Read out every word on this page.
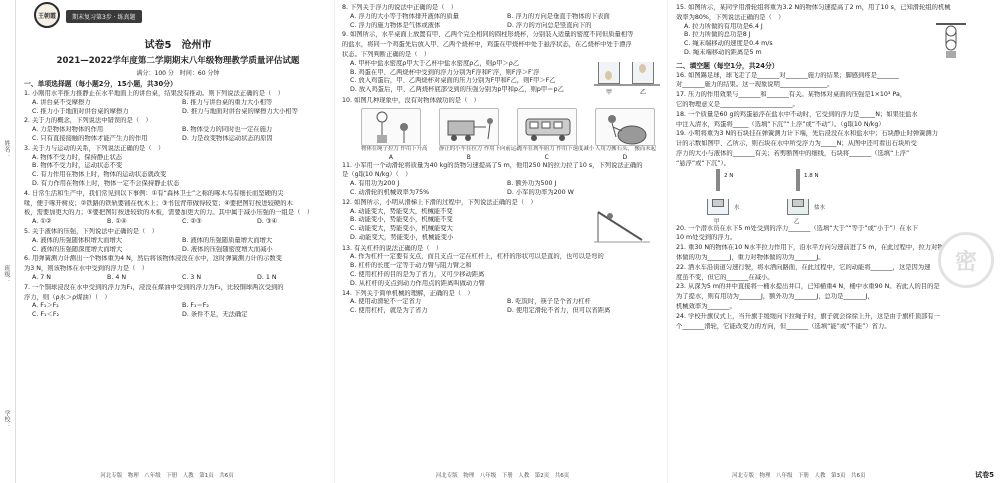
姓名：
班级：
学校：
王朝霞	期末复习第3步 · 练真题
试卷5　沧州市
2021—2022学年度第二学期期末八年级物理教学质量评估试题
满分：100 分　时间：60 分钟
一、单项选择题（每小题2分，15小题，共30分）
1. 小刚用水平推力推静止在水平地面上的讲台桌，结果没有推动。则下列说法正确的是（　）
A. 讲台桌不受摩擦力	B. 推力与讲台桌的重力大小相等
C. 推力小于地面对讲台桌的摩擦力	D. 推力与地面对讲台桌的摩擦力大小相等
2. 关于力的概念，下列说法中错误的是（　）
A. 力是物体对物体的作用	B. 物体受力的同时也一定在施力
C. 只有直接接触的物体才能产生力的作用	D. 力是改变物体运动状态的原因
3. 关于力与运动的关系，下列说法正确的是（　）
A. 物体不受力时，保持静止状态
B. 物体不受力时，运动状态不变
C. 有力作用在物体上时，物体的运动状态就改变
D. 有力作用在物体上时，物体一定不会保持静止状态
4. 日常生活和生产中，我们常见到以下事例：①有“森林卫士”之称的啄木鸟有细长而坚硬的尖
喙，便于啄开树皮；②铁路的铁轨要铺在枕木上；③书包背带做得较宽；④要把图钉按进较硬的木
板，需要加更大的力；⑤要把图钉按进较软的木板，需要加更大的力。其中属于减小压强的一组是（　）
A. ①②	B. ①④	C. ②③	D. ③④
5. 关于液体的压强，下列说法中正确的是（　）
A. 液体的压强随体积增大而增大	B. 液体的压强随质量增大而增大
C. 液体的压强随深度增大而增大	D. 液体的压强随密度增大而减小
6. 用弹簧测力计测出一个物体重为4 N，然后将该物体浸没在水中，这时弹簧测力计的示数变
为3 N，则该物体在水中受到的浮力是（　）
A. 7 N	B. 4 N	C. 3 N	D. 1 N
7. 一个铜球浸没在水中受到的浮力为F₁，浸没在煤油中受到的浮力为F₂，比较铜球两次受到的
浮力，则（ρ水＞ρ煤油）（　）
A. F₁＞F₂	B. F₁＝F₂
C. F₁＜F₂	D. 条件不足，无法确定
河北专版　物理　八年级　下册　人教　第1页　共6页
8. 下列关于浮力的说法中正确的是（　）
A. 浮力的大小等于物体排开液体的质量	B. 浮力的方向是垂直于物体的下表面
C. 浮力的施力物体是气体或液体	D. 浮力的方向总是竖直向下的
9. 如图所示，水平桌面上放置有甲、乙两个完全相同的圆柱形烧杯，分别装入适量的密度不同但质量相等
的盐水，将同一个鸡蛋先后放入甲、乙两个烧杯中，鸡蛋在甲烧杯中处于悬浮状态，在乙烧杯中处于漂浮
状态。下列判断正确的是（　）
A. 甲杯中盐水密度ρ甲大于乙杯中盐水密度ρ乙，则ρ甲＞ρ乙
B. 鸡蛋在甲、乙两烧杯中受到的浮力分别为F浮和F′浮，则F浮＞F′浮
C. 放入鸡蛋后，甲、乙两烧杯对桌面的压力分别为F甲和F乙，则F甲＞F乙
D. 放入鸡蛋后，甲、乙两烧杯底部受到的压强分别为p甲和p乙，则p甲＝p乙	甲	乙
10. 如图几种现象中，没有对物体做功的是（　）
物体在绳子拉力 作用下升高 静止的小车在拉力 作用下向前运动
汽车在刹车阻力 作用下速度减小 人用力搬石头， 搬而未起
A	B	C	D
11. 小军用一个动滑轮将质量为40 kg的货物匀速提高了5 m，他用250 N的拉力拉了10 s，下列说法正确的
是（g取10 N/kg）（　）
A. 有用功为200 J	B. 额外功为500 J
C. 动滑轮的机械效率为75%	D. 小军的功率为200 W
12. 如图所示，小明从滑梯上下滑的过程中，下列说法正确的是（　）
A. 动能变大，势能变大，机械能不变
B. 动能变小，势能变小，机械能不变
C. 动能变大，势能变小，机械能变大
D. 动能变大，势能变小，机械能变小
13. 有关杠杆的说法正确的是（　）
A. 作为杠杆一定要有支点，而且支点一定在杠杆上，杠杆的形状可以是直的，也可以是弯的
B. 杠杆的长度一定等于动力臂与阻力臂之和
C. 使用杠杆的目的是为了省力，又可少移动距离
D. 从杠杆的支点到动力作用点的距离叫做动力臂
14. 下列关于简单机械的理解，正确的是（　）
A. 使用动滑轮不一定省力	B. 吃饭时，筷子是个省力杠杆
C. 使用杠杆，就是为了省力	D. 使用定滑轮不省力，但可以省距离
河北专版　物理　八年级　下册　人教　第2页　共6页
15. 如图所示，某同学用滑轮组将重为3.2 N的物体匀速提高了2 m，用了10 s，已知滑轮组的机械
效率为80%，下列说法正确的是（　）
A. 拉力所做的有用功是6.4 J
B. 拉力所做的总功是8 J
C. 绳末端移动的速度是0.4 m/s
D. 绳末端移动的距离是5 m
二、填空题（每空1分，共24分）
16. 如图踢足球，球飞走了是_______对_______施力的结果；脚感到疼是_______
对_______施力的结果。这一现象说明_______________。
17. 压力的作用效果与_______和_______有关。某物体对桌面的压强是1×10³ Pa，
它的物理意义是_______________________。
18. 一个质量是60 g的鸡蛋悬浮在盐水中不动时，它受到的浮力是_____N；如果往盐水
中注入清水，鸡蛋将_____（选填“下沉”“上浮”或“不动”）。（g取10 N/kg）
19. 小明将重为3 N的石块挂在弹簧测力计下端，先后浸没在水和盐水中；石块静止时弹簧测力
计的示数如图甲、乙所示，则石块在水中所受浮力为_____N；从图中还可看出石块所受
浮力的大小与液体的_______有关；若剪断图中的细线，石块将_______（选填“上浮”
“悬浮”或“下沉”）。
2 N
水
甲
1.8 N
盐水
乙
20. 一个潜水员在水下5 m处受到的浮力_______（选填“大于”“等于”或“小于”）在水下
10 m处受到的浮力。
21. 重30 N的物体在10 N水平拉力作用下，沿水平方向匀速前进了5 m，在此过程中，拉力对物
体做的功为_______J，重力对物体做的功为_______J。
22. 洒水车沿街道匀速行驶，将水洒向路面，在此过程中，它的动能将_______，这是因为速
度虽不变，但它的_______在减小。
23. 从深为5 m的井中直接将一桶水提出井口，已知桶重4 N，桶中水重90 N。若此人的目的是
为了提水，则有用功为_______J，额外功为_______J，总功是_______J，
机械效率为_______。
24. 学校升旗仪式上，当升旗手缓缓向下拉绳子时，旗子就会徐徐上升，这是由于旗杆顶部有一
个_______滑轮，它能改变力的方向，但_______（选填“能”或“不能”）省力。
密
河北专版　物理　八年级　下册　人教　第3页　共6页	试卷5
